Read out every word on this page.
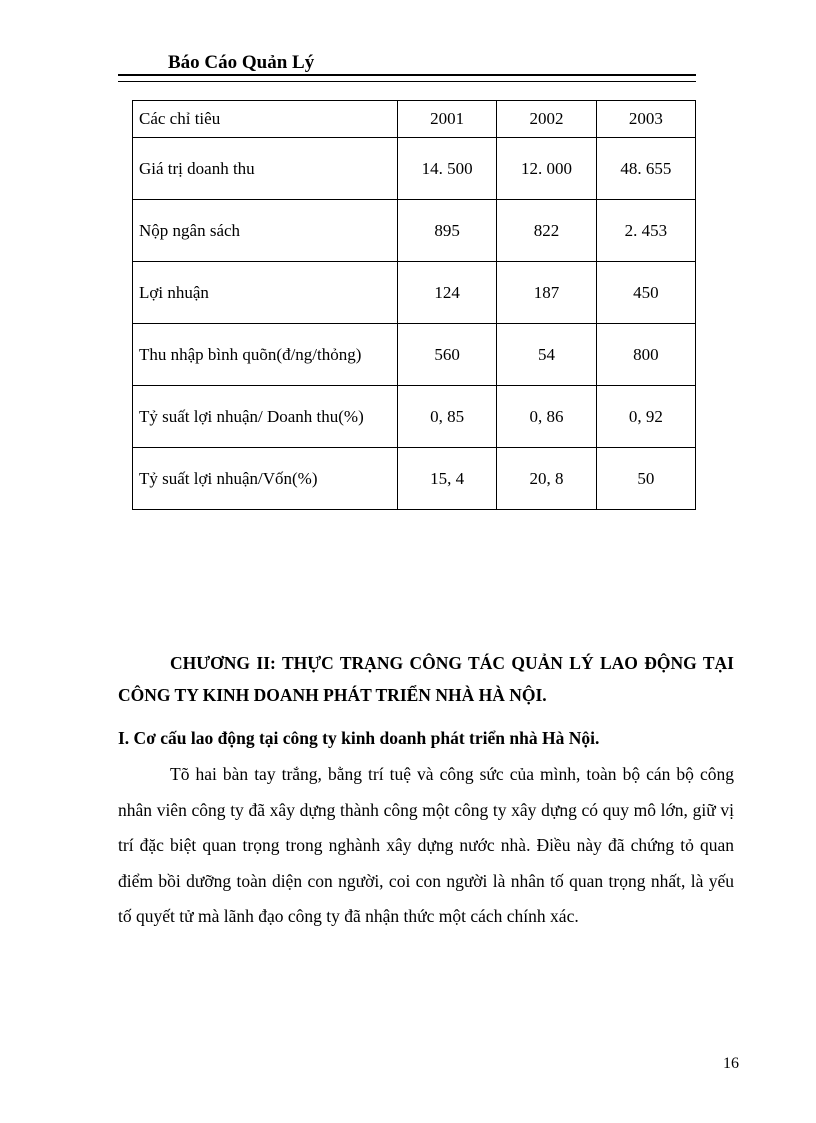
Báo Cáo Quản Lý
Các chỉ tiêu	2001	2002	2003
Giá trị doanh thu	14. 500	12. 000	48. 655
Nộp ngân sách	895	822	2. 453
Lợi nhuận	124	187	450
Thu nhập bình quõn(đ/ng/thỏng)	560	54	800
Tỷ suất lợi nhuận/ Doanh thu(%)	0, 85	0, 86	0, 92
Tỷ suất lợi nhuận/Vốn(%)	15, 4	20, 8	50

CHƯƠNG II: THỰC TRẠNG CÔNG TÁC QUẢN LÝ LAO ĐỘNG TẠI CÔNG TY KINH DOANH PHÁT TRIỂN NHÀ HÀ NỘI.

I. Cơ cấu lao động tại công ty kinh doanh phát triển nhà Hà Nội.

Tõ hai bàn tay trắng, bằng trí tuệ và công sức của mình, toàn bộ cán bộ công nhân viên công ty đã xây dựng thành công một công ty xây dựng có quy mô lớn, giữ vị trí đặc biệt quan trọng trong nghành xây dựng nước nhà. Điều này đã chứng tỏ quan điểm bồi dưỡng toàn diện con người, coi con người là nhân tố quan trọng nhất, là yếu tố quyết tử mà lãnh đạo công ty đã nhận thức một cách chính xác.

16
